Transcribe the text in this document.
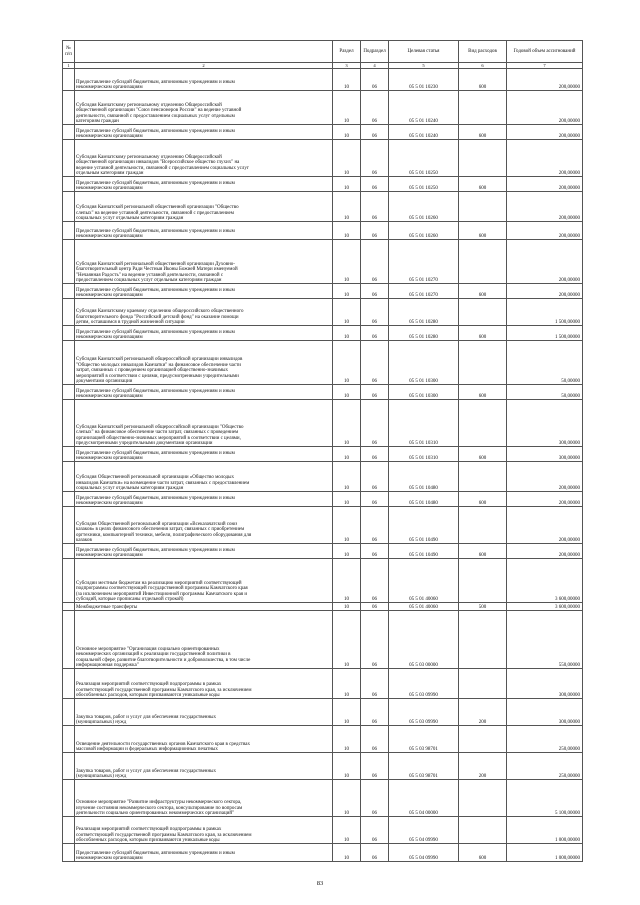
№ п/п		Раздел	Подраздел	Целевая статья	Вид расходов	Годовой объем ассигнований
1	2	3	4	5	6	7

	Предоставление субсидий бюджетным, автономным учреждениям и иным
некоммерческим организациям	10	06	05 5 01 10230	600	200,00000

	Субсидия Камчатскому региональному отделению Общероссийской
общественной организации "Союз пенсионеров России" на ведение уставной
деятельности, связанной с предоставлением социальных услуг отдельным
категориям граждан	10	06	05 5 01 10240		200,00000

	Предоставление субсидий бюджетным, автономным учреждениям и иным
некоммерческим организациям	10	06	05 5 01 10240	600	200,00000

	Субсидия Камчатскому региональному отделению Общероссийской
общественной организации инвалидов "Всероссийское общество глухих" на
ведение уставной деятельности, связанной с предоставлением социальных услуг
отдельным категориям граждан	10	06	05 5 01 10250		200,00000

	Предоставление субсидий бюджетным, автономным учреждениям и иным
некоммерческим организациям	10	06	05 5 01 10250	600	200,00000

	Субсидия Камчатской региональной общественной организации "Общество
слепых" на ведение уставной деятельности, связанной с предоставлением
социальных услуг отдельным категориям граждан	10	06	05 5 01 10260		200,00000

	Предоставление субсидий бюджетным, автономным учреждениям и иным
некоммерческим организациям	10	06	05 5 01 10260	600	200,00000

	Субсидия Камчатской региональной общественной организации Духовно-
благотворительный центр Ради Честныя Иконы Божией Матери именуемой
"Нечаянная Радость" на ведение уставной деятельности, связанной с
предоставлением социальных услуг отдельным категориям граждан	10	06	05 5 01 10270		200,00000

	Предоставление субсидий бюджетным, автономным учреждениям и иным
некоммерческим организациям	10	06	05 5 01 10270	600	200,00000

	Субсидия Камчатскому краевому отделению общероссийского общественного
благотворительного фонда "Российский детский фонд" на оказание помощи
детям, оставшимся в трудной жизненной ситуации	10	06	05 5 01 10280		1 500,00000

	Предоставление субсидий бюджетным, автономным учреждениям и иным
некоммерческим организациям	10	06	05 5 01 10280	600	1 500,00000

	Субсидия Камчатской региональной общероссийской организации инвалидов
"Общество молодых инвалидов Камчатки" на финансовое обеспечение части
затрат, связанных с проведением организацией общественно-значимых
мероприятий в соответствии с целями, предусмотренными учредительными
документами организации	10	06	05 5 01 10300		50,00000

	Предоставление субсидий бюджетным, автономным учреждениям и иным
некоммерческим организациям	10	06	05 5 01 10300	600	50,00000

	Субсидия Камчатской региональной общероссийской организации "Общество
слепых" на финансовое обеспечение части затрат, связанных с проведением
организацией общественно-значимых мероприятий в соответствии с целями,
предусмотренными учредительными документами организации	10	06	05 5 01 10310		300,00000

	Предоставление субсидий бюджетным, автономным учреждениям и иным
некоммерческим организациям	10	06	05 5 01 10310	600	300,00000

	Субсидия Общественной региональной организации «Общество молодых
инвалидов Камчатки» на возмещение части затрат, связанных с предоставлением
социальных услуг отдельным категориям граждан	10	06	05 5 01 10480		200,00000

	Предоставление субсидий бюджетным, автономным учреждениям и иным
некоммерческим организациям	10	06	05 5 01 10480	600	200,00000

	Субсидия Общественной региональной организации «Всеказачатский союз
казаков» в целях финансового обеспечения затрат, связанных с приобретением
оргтехники, компьютерной техники, мебели, полиграфического оборудования для
казаков	10	06	05 5 01 10490		200,00000

	Предоставление субсидий бюджетным, автономным учреждениям и иным
некоммерческим организациям	10	06	05 5 01 10490	600	200,00000

	Субсидии местным бюджетам на реализацию мероприятий соответствующей
подпрограммы соответствующей государственной программы Камчатского края
(за исключением мероприятий Инвестиционной программы Камчатского края и
субсидий, которые прописаны отдельной строкой)	10	06	05 5 01 40060		3 600,00000

	Межбюджетные трансферты	10	06	05 5 01 40060	500	3 600,00000

	Основное мероприятие "Организация социально ориентированных
некоммерческих организаций к реализации государственной политики в
социальной сфере, развитие благотворительности и добровольчества, в том числе
информационная поддержка"	10	06	05 5 03 00000		550,00000

	Реализация мероприятий соответствующей подпрограммы в рамках
соответствующей государственной программы Камчатского края, за исключением
обособленных расходов, которым присваиваются уникальные коды	10	06	05 5 03 09990		300,00000

	Закупка товаров, работ и услуг для обеспечения государственных
(муниципальных) нужд	10	06	05 5 03 09990	200	300,00000

	Освещение деятельности государственных органов Камчатского края в средствах
массовой информации и федеральных информационных печатных	10	06	05 5 03 98701		250,00000

	Закупка товаров, работ и услуг для обеспечения государственных
(муниципальных) нужд	10	06	05 5 03 98701	200	250,00000

	Основное мероприятие "Развитие инфраструктуры некоммерческого сектора,
изучение состояния некоммерческого сектора, консультирование по вопросам
деятельности социально ориентированных некоммерческих организаций"	10	06	05 5 04 00000		5 100,00000

	Реализация мероприятий соответствующей подпрограммы в рамках
соответствующей государственной программы Камчатского края, за исключением
обособленных расходов, которым присваиваются уникальные коды	10	06	05 5 04 09990		1 000,00000

	Предоставление субсидий бюджетным, автономным учреждениям и иным
некоммерческим организациям	10	06	05 5 04 09990	600	1 000,00000
83
